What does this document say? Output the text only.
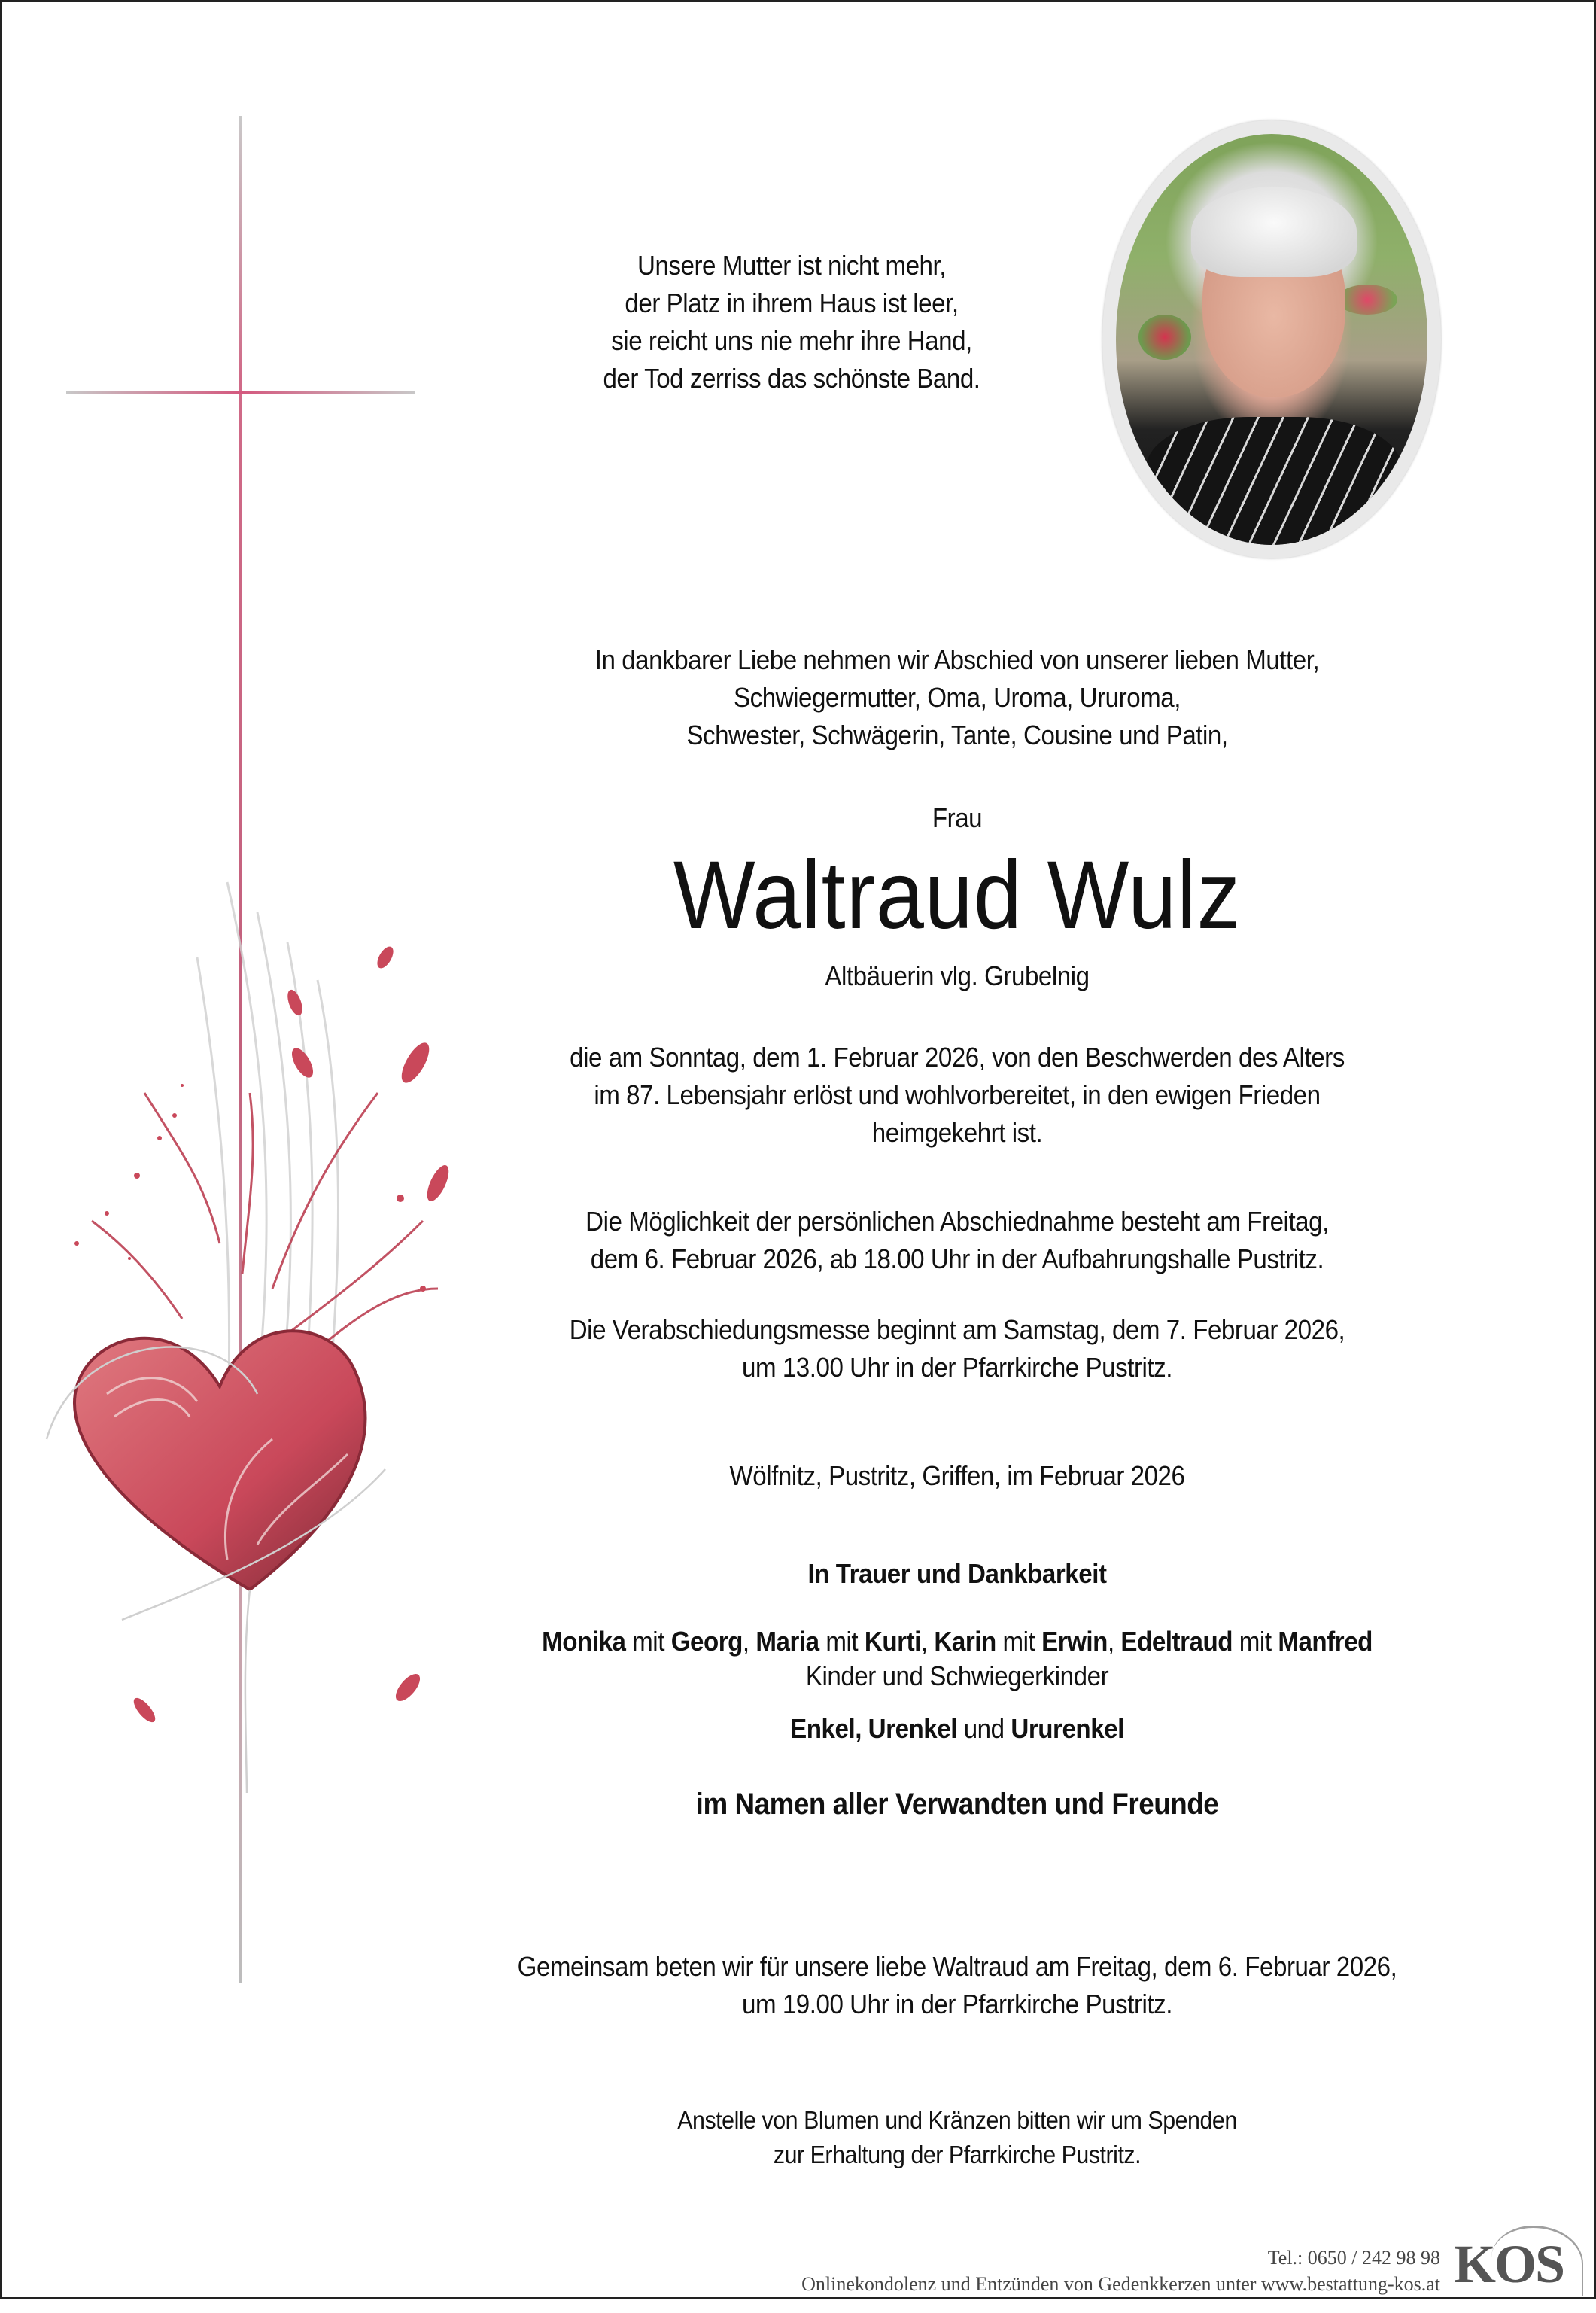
Unsere Mutter ist nicht mehr,
der Platz in ihrem Haus ist leer,
sie reicht uns nie mehr ihre Hand,
der Tod zerriss das schönste Band.
In dankbarer Liebe nehmen wir Abschied von unserer lieben Mutter,
Schwiegermutter, Oma, Uroma, Ururoma,
Schwester, Schwägerin, Tante, Cousine und Patin,
Frau
Waltraud Wulz
Altbäuerin vlg. Grubelnig
die am Sonntag, dem 1. Februar 2026, von den Beschwerden des Alters
im 87. Lebensjahr erlöst und wohlvorbereitet, in den ewigen Frieden
heimgekehrt ist.
Die Möglichkeit der persönlichen Abschiednahme besteht am Freitag,
dem 6. Februar 2026, ab 18.00 Uhr in der Aufbahrungshalle Pustritz.
Die Verabschiedungsmesse beginnt am Samstag, dem 7. Februar 2026,
um 13.00 Uhr in der Pfarrkirche Pustritz.
Wölfnitz, Pustritz, Griffen, im Februar 2026
In Trauer und Dankbarkeit
Monika mit Georg, Maria mit Kurti, Karin mit Erwin, Edeltraud mit Manfred
Kinder und Schwiegerkinder
Enkel, Urenkel und Ururenkel
im Namen aller Verwandten und Freunde
Gemeinsam beten wir für unsere liebe Waltraud am Freitag, dem 6. Februar 2026,
um 19.00 Uhr in der Pfarrkirche Pustritz.
Anstelle von Blumen und Kränzen bitten wir um Spenden
zur Erhaltung der Pfarrkirche Pustritz.
Tel.: 0650 / 242 98 98
Onlinekondolenz und Entzünden von Gedenkkerzen unter www.bestattung-kos.at KOS
